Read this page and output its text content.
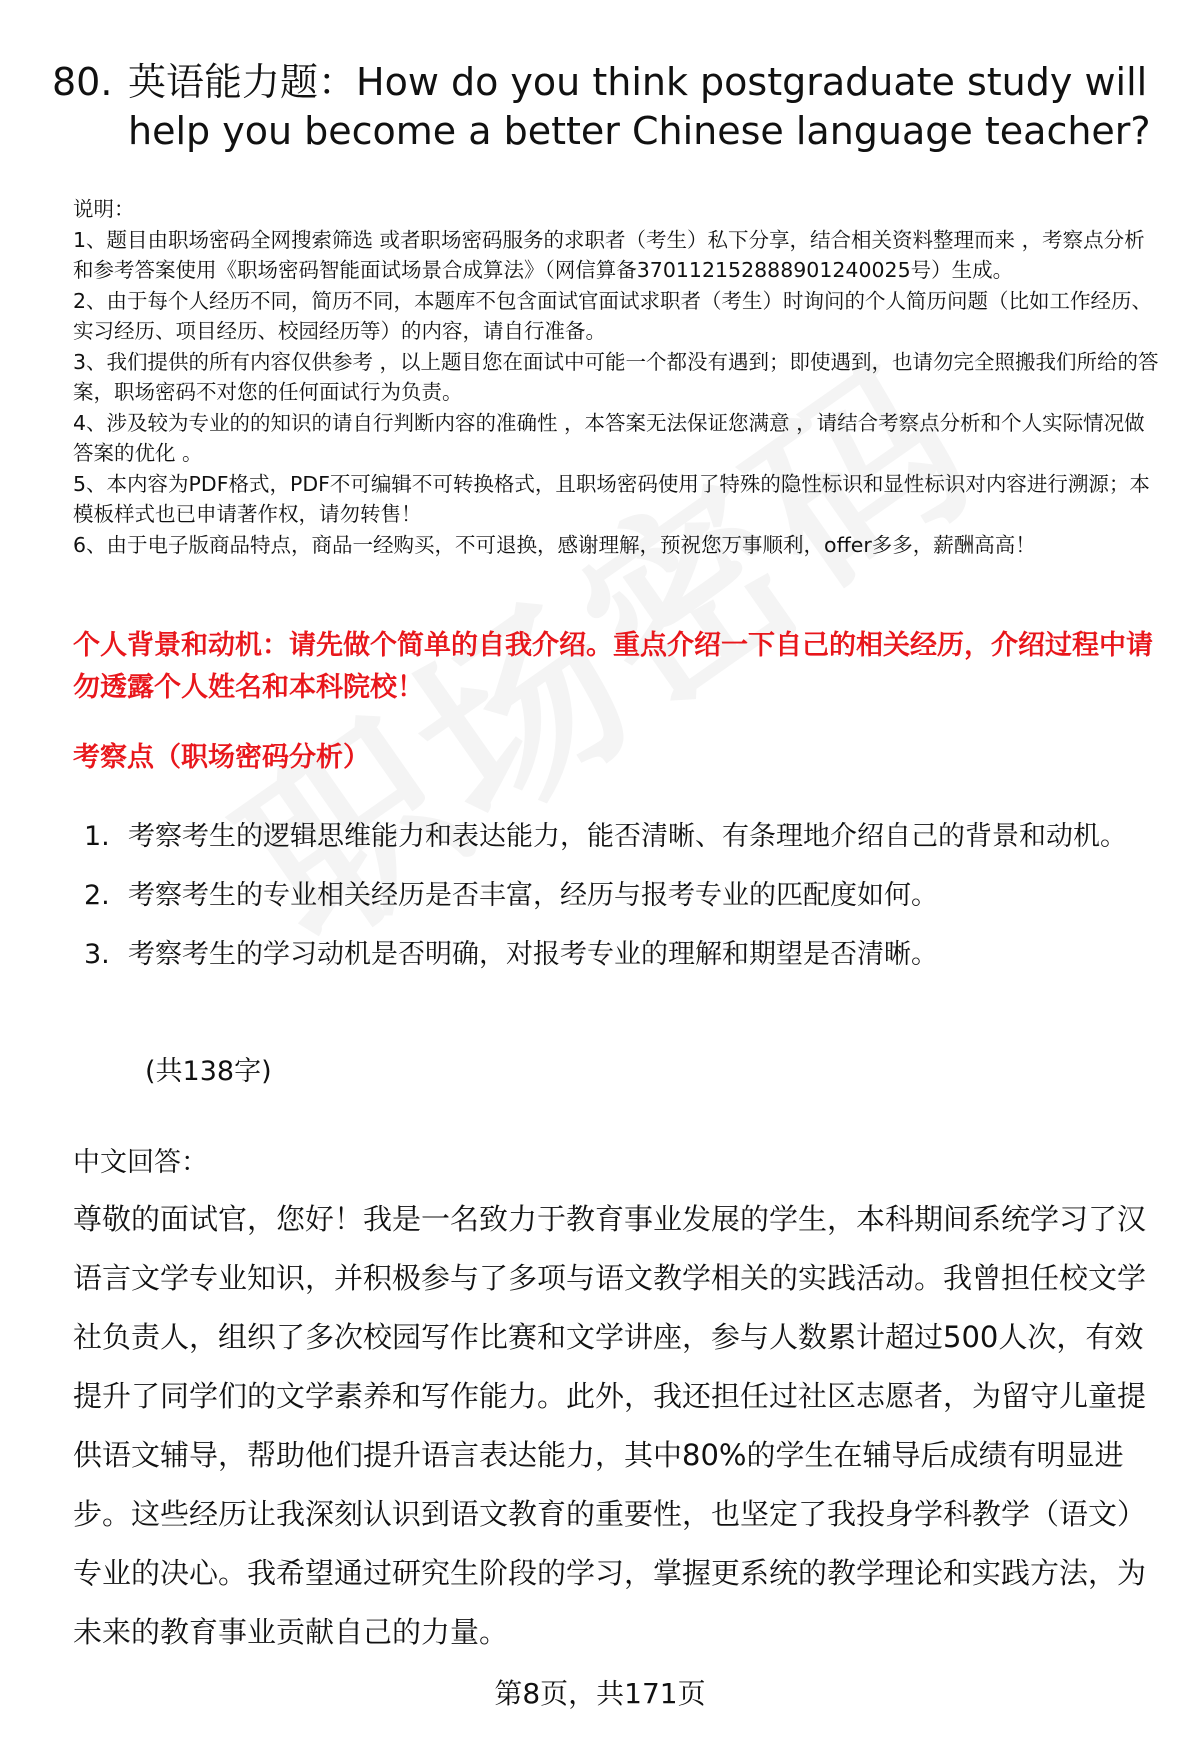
80. 英语能力题：How do you think postgraduate study will help you become a better Chinese language teacher?

说明：

1、题目由职场密码全网搜索筛选 或者职场密码服务的求职者（考生）私下分享，结合相关资料整理而来 ，考察点分析和参考答案使用《职场密码智能面试场景合成算法》（网信算备370112152888901240025号）生成。

2、由于每个人经历不同，简历不同，本题库不包含面试官面试求职者（考生）时询问的个人简历问题（比如工作经历、实习经历、项目经历、校园经历等）的内容，请自行准备。

3、我们提供的所有内容仅供参考 ，以上题目您在面试中可能一个都没有遇到；即使遇到，也请勿完全照搬我们所给的答案，职场密码不对您的任何面试行为负责。

4、涉及较为专业的的知识的请自行判断内容的准确性 ，本答案无法保证您满意 ，请结合考察点分析和个人实际情况做答案的优化 。

5、本内容为PDF格式，PDF不可编辑不可转换格式，且职场密码使用了特殊的隐性标识和显性标识对内容进行溯源；本模板样式也已申请著作权，请勿转售！

6、由于电子版商品特点，商品一经购买，不可退换，感谢理解，预祝您万事顺利，offer多多，薪酬高高！

个人背景和动机：请先做个简单的自我介绍。重点介绍一下自己的相关经历，介绍过程中请勿透露个人姓名和本科院校！
考察点（职场密码分析）
1. 考察考生的逻辑思维能力和表达能力，能否清晰、有条理地介绍自己的背景和动机。
2. 考察考生的专业相关经历是否丰富，经历与报考专业的匹配度如何。
3. 考察考生的学习动机是否明确，对报考专业的理解和期望是否清晰。
(共138字)
中文回答：
尊敬的面试官，您好！我是一名致力于教育事业发展的学生，本科期间系统学习了汉语言文学专业知识，并积极参与了多项与语文教学相关的实践活动。我曾担任校文学社负责人，组织了多次校园写作比赛和文学讲座，参与人数累计超过500人次，有效提升了同学们的文学素养和写作能力。此外，我还担任过社区志愿者，为留守儿童提供语文辅导，帮助他们提升语言表达能力，其中80%的学生在辅导后成绩有明显进步。这些经历让我深刻认识到语文教育的重要性，也坚定了我投身学科教学（语文）专业的决心。我希望通过研究生阶段的学习，掌握更系统的教学理论和实践方法，为未来的教育事业贡献自己的力量。
第8页，共171页
